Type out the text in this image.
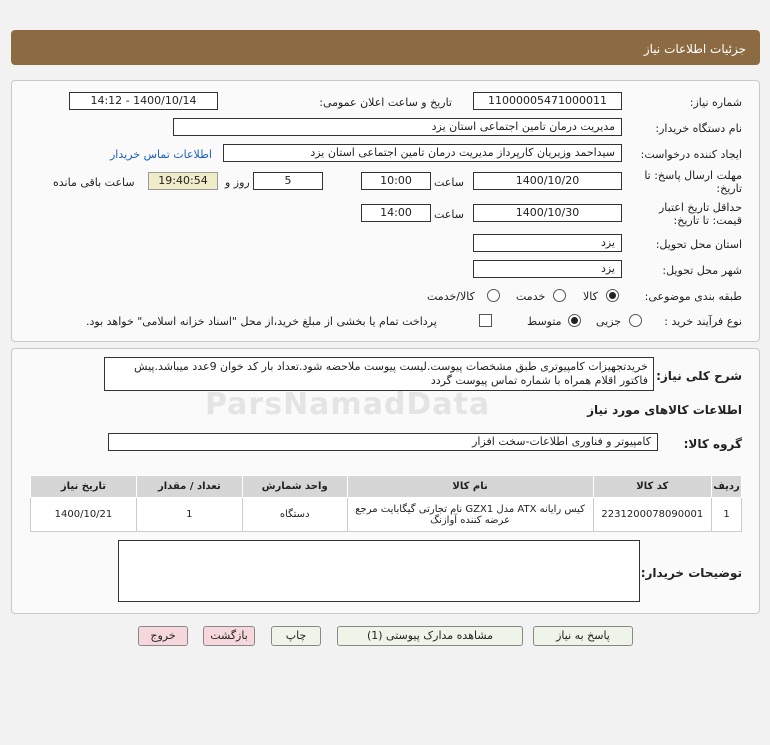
جزئیات اطلاعات نیاز
شماره نیاز:
1100000547100001‍1
تاریخ و ساعت اعلان عمومی:
1400/10/14 - 14:12
نام دستگاه خریدار:
مدیریت درمان تامین اجتماعی استان یزد
ایجاد کننده درخواست:
سیداحمد وزیریان کارپرداز مدیریت درمان تامین اجتماعی استان یزد
اطلاعات تماس خریدار
مهلت ارسال پاسخ: تا
تاریخ:
1400/10/20
ساعت
10:00
5
روز و
19:40:54
ساعت باقی مانده
حداقل تاریخ اعتبار
قیمت: تا تاریخ:
1400/10/30
ساعت
14:00
استان محل تحویل:
یزد
شهر محل تحویل:
یزد
طبقه بندی موضوعی:
کالا
خدمت
کالا/خدمت
نوع فرآیند خرید :
جزیی
متوسط
پرداخت تمام یا بخشی از مبلغ خرید،از محل "اسناد خزانه اسلامی" خواهد بود.
شرح کلی نیاز:
خریدتجهیزات کامپیوتری طبق مشخصات پیوست.لیست پیوست ملاحضه شود.تعداد بار کد خوان 9عدد میباشد.پیش فاکتور اقلام همراه با شماره تماس پیوست گردد
ParsNamadData	اطلاعات کالاهای مورد نیاز
گروه کالا:
کامپیوتر و فناوری اطلاعات-سخت افزار
ردیف	کد کالا	نام کالا	واحد شمارش	تعداد / مقدار	تاریخ نیاز
1	2231200078090001	کیس رایانه ATX مدل GZX1 نام تجارتی گیگابایت مرجع عرضه کننده آوازنگ	دستگاه	1	1400/10/21
توضیحات خریدار:
پاسخ به نیاز
مشاهده مدارک پیوستی (1)
چاپ
بازگشت
خروج
